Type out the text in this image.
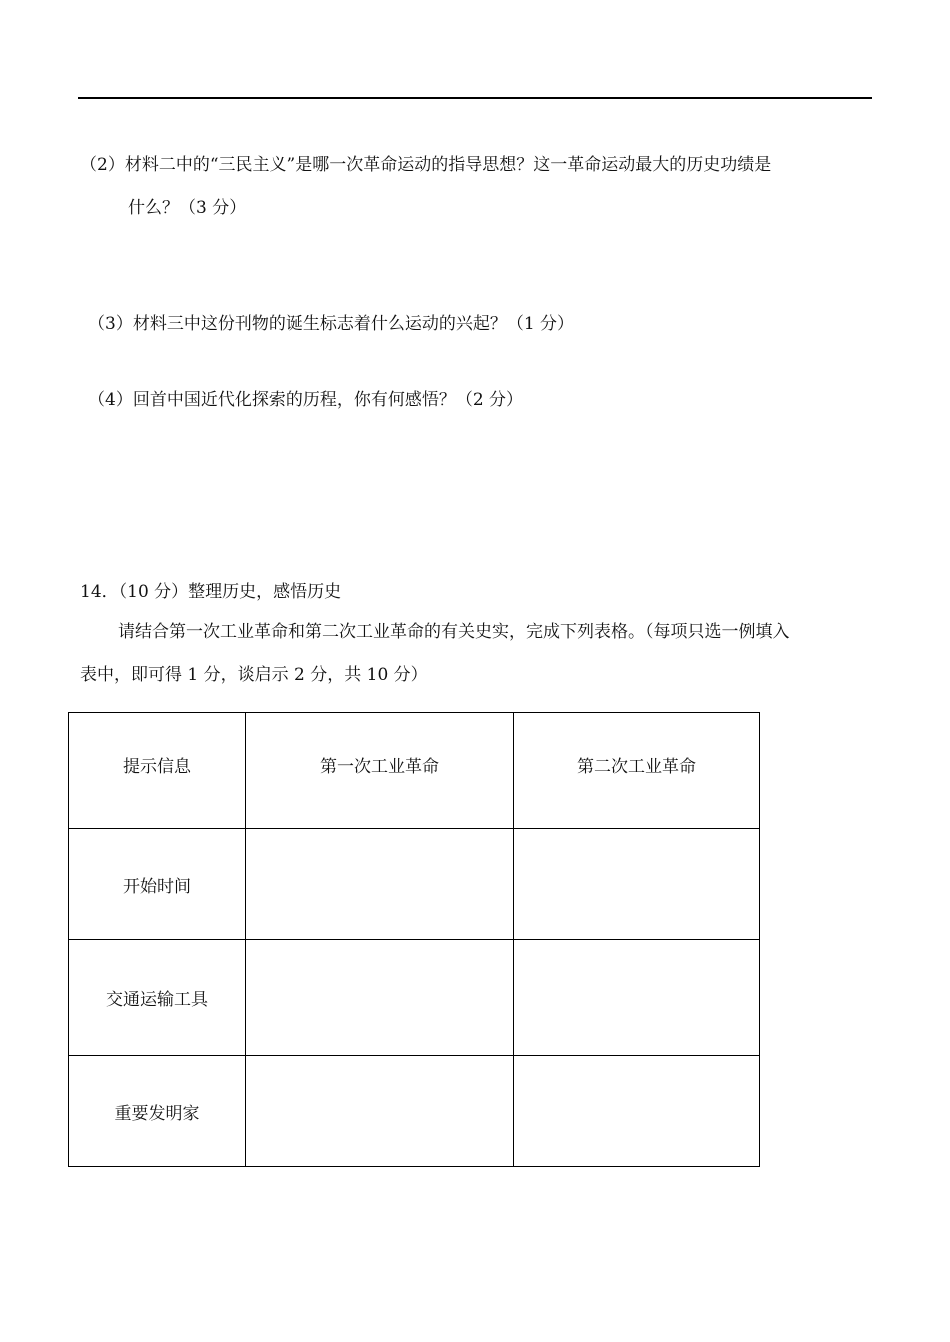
（2）材料二中的“三民主义”是哪一次革命运动的指导思想？这一革命运动最大的历史功绩是
什么？（3 分）
（3）材料三中这份刊物的诞生标志着什么运动的兴起？（1 分）
（4）回首中国近代化探索的历程，你有何感悟？（2 分）
14．（10 分）整理历史，感悟历史
请结合第一次工业革命和第二次工业革命的有关史实，完成下列表格。（每项只选一例填入
表中，即可得 1 分，谈启示 2 分，共 10 分）
提示信息	第一次工业革命	第二次工业革命
开始时间		
交通运输工具		
重要发明家		
